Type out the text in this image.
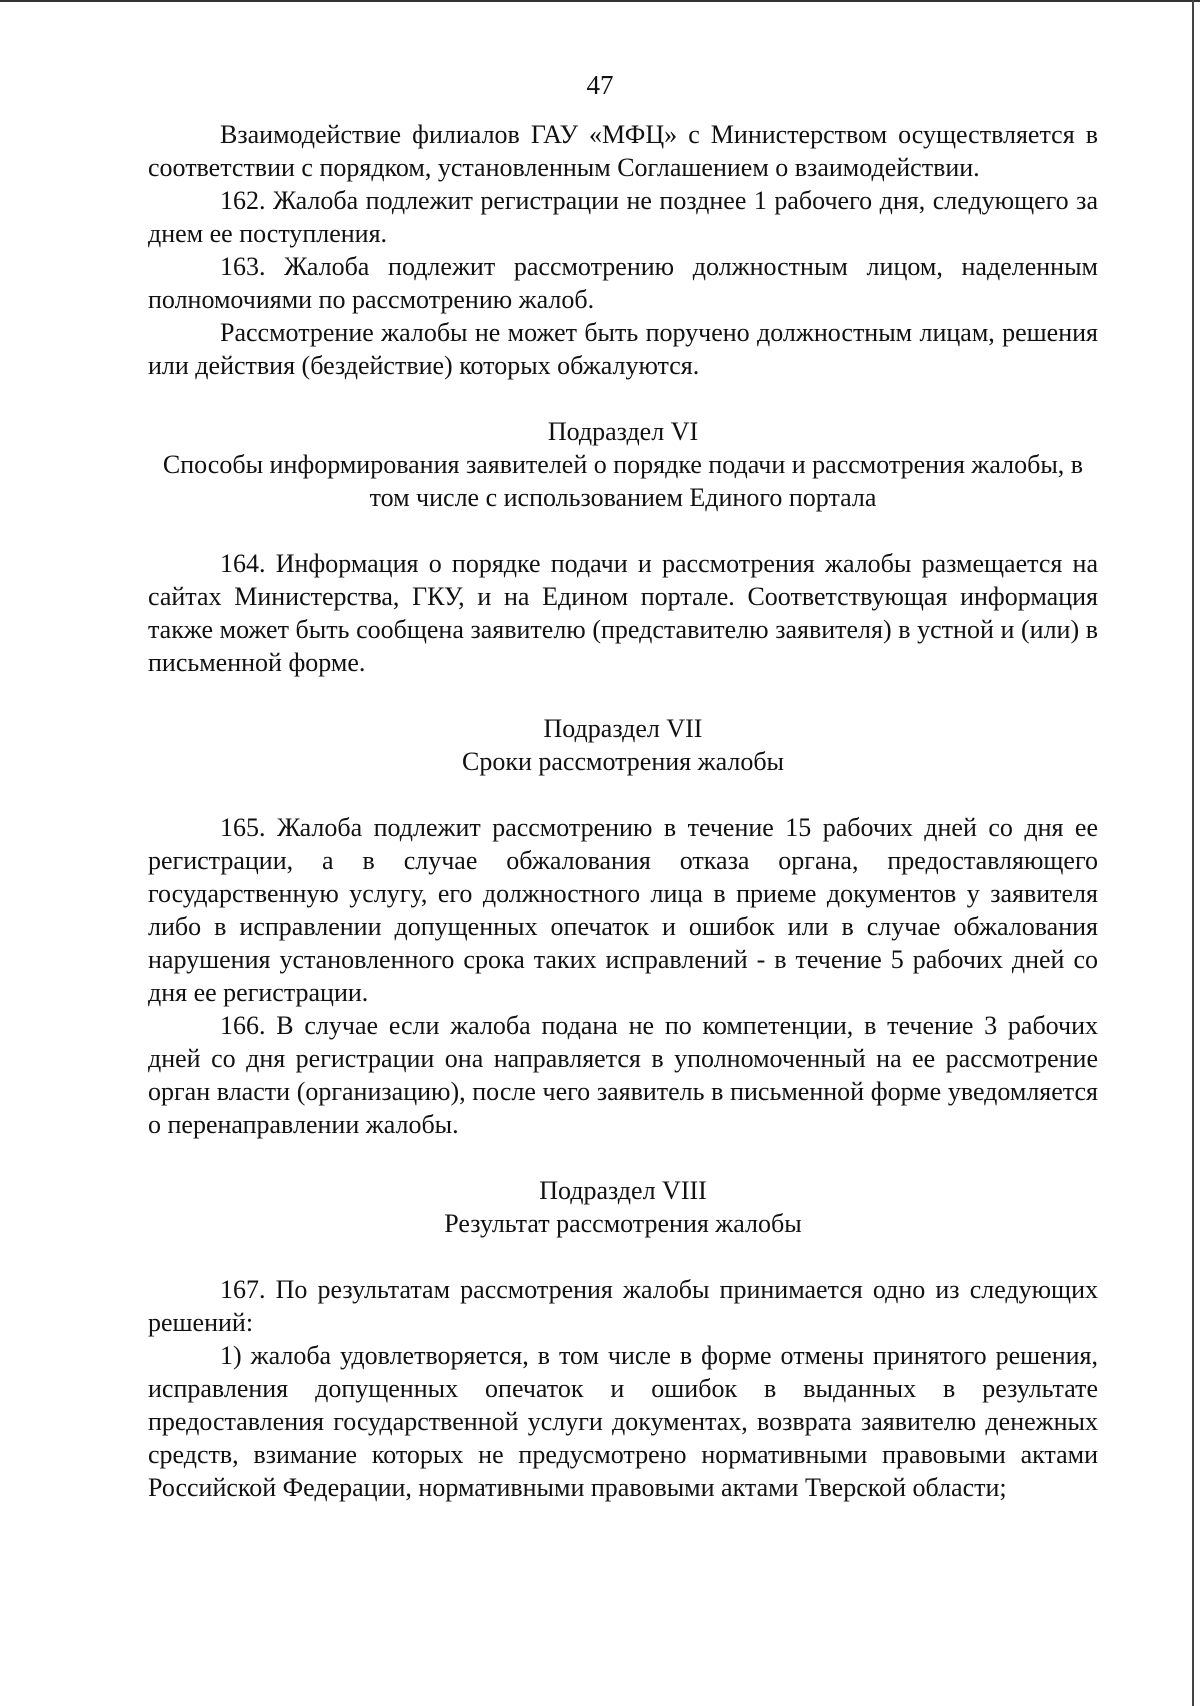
47

Взаимодействие филиалов ГАУ «МФЦ» с Министерством осуществляется в соответствии с порядком, установленным Соглашением о взаимодействии.

162. Жалоба подлежит регистрации не позднее 1 рабочего дня, следующего за днем ее поступления.

163. Жалоба подлежит рассмотрению должностным лицом, наделенным полномочиями по рассмотрению жалоб.

Рассмотрение жалобы не может быть поручено должностным лицам, решения или действия (бездействие) которых обжалуются.

Подраздел VI

Способы информирования заявителей о порядке подачи и рассмотрения жалобы, в том числе с использованием Единого портала

164. Информация о порядке подачи и рассмотрения жалобы размещается на сайтах Министерства, ГКУ, и на Едином портале. Соответствующая информация также может быть сообщена заявителю (представителю заявителя) в устной и (или) в письменной форме.

Подраздел VII

Сроки рассмотрения жалобы

165. Жалоба подлежит рассмотрению в течение 15 рабочих дней со дня ее регистрации, а в случае обжалования отказа органа, предоставляющего государственную услугу, его должностного лица в приеме документов у заявителя либо в исправлении допущенных опечаток и ошибок или в случае обжалования нарушения установленного срока таких исправлений - в течение 5 рабочих дней со дня ее регистрации.

166. В случае если жалоба подана не по компетенции, в течение 3 рабочих дней со дня регистрации она направляется в уполномоченный на ее рассмотрение орган власти (организацию), после чего заявитель в письменной форме уведомляется о перенаправлении жалобы.

Подраздел VIII

Результат рассмотрения жалобы

167. По результатам рассмотрения жалобы принимается одно из следующих решений:

1) жалоба удовлетворяется, в том числе в форме отмены принятого решения, исправления допущенных опечаток и ошибок в выданных в результате предоставления государственной услуги документах, возврата заявителю денежных средств, взимание которых не предусмотрено нормативными правовыми актами Российской Федерации, нормативными правовыми актами Тверской области;
